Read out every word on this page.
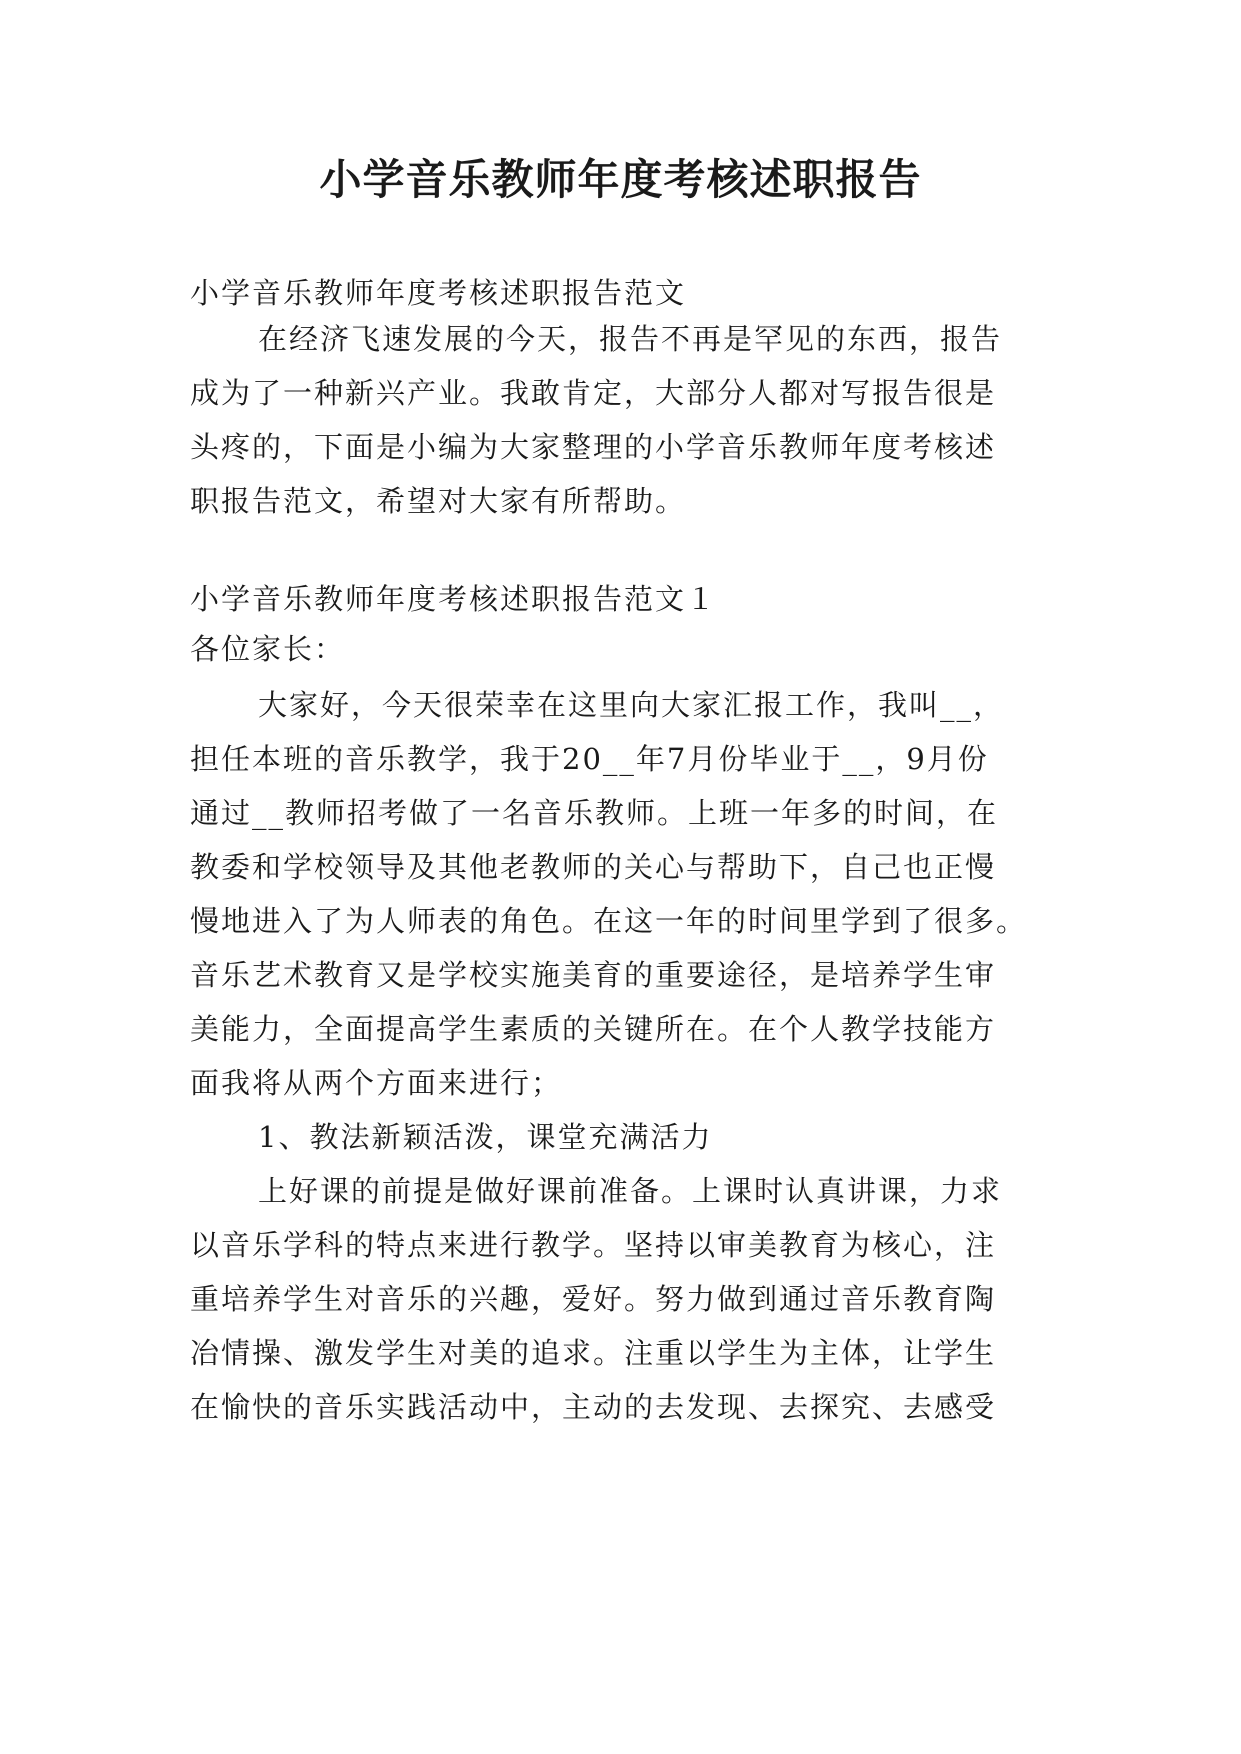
小学音乐教师年度考核述职报告

小学音乐教师年度考核述职报告范文

在经济飞速发展的今天，报告不再是罕见的东西，报告
成为了一种新兴产业。我敢肯定，大部分人都对写报告很是
头疼的，下面是小编为大家整理的小学音乐教师年度考核述
职报告范文，希望对大家有所帮助。

小学音乐教师年度考核述职报告范文１

各位家长：

大家好，今天很荣幸在这里向大家汇报工作，我叫__，
担任本班的音乐教学，我于20__年7月份毕业于__，9月份
通过__教师招考做了一名音乐教师。上班一年多的时间，在
教委和学校领导及其他老教师的关心与帮助下，自己也正慢
慢地进入了为人师表的角色。在这一年的时间里学到了很多。
音乐艺术教育又是学校实施美育的重要途径，是培养学生审
美能力，全面提高学生素质的关键所在。在个人教学技能方
面我将从两个方面来进行；

1、教法新颖活泼，课堂充满活力

上好课的前提是做好课前准备。上课时认真讲课，力求
以音乐学科的特点来进行教学。坚持以审美教育为核心，注
重培养学生对音乐的兴趣，爱好。努力做到通过音乐教育陶
冶情操、激发学生对美的追求。注重以学生为主体，让学生
在愉快的音乐实践活动中，主动的去发现、去探究、去感受
